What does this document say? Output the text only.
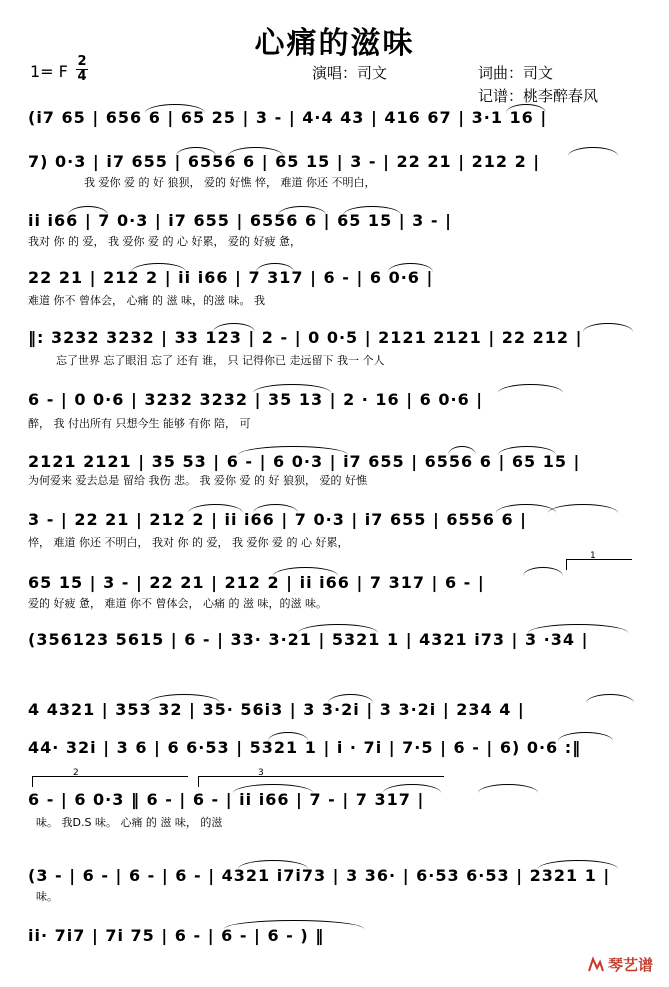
心痛的滋味
1= F
2
4	演唱：司文	词曲：司文
记谱：桃李醉春风
(i7 65 | 656 6 | 65 25 | 3 - | 4·4 43 | 416 67 | 3·1 16 |
7) 0·3 | i7 655 | 6556 6 | 65 15 | 3 - | 22 21 | 212 2 |
我 爱你 爱 的 好 狼狈， 爱的 好憔 悴， 难道 你还 不明白，
ii i66 | 7 0·3 | i7 655 | 6556 6 | 65 15 | 3 - |
我对 你 的 爱， 我 爱你 爱 的 心 好累， 爱的 好疲 惫，
22 21 | 212 2 | ii i66 | 7 317 | 6 - | 6 0·6 |
难道 你不 曾体会， 心痛 的 滋 味，的滋 味。 我
‖: 3232 3232 | 33 123 | 2 - | 0 0·5 | 2121 2121 | 22 212 |
忘了世界 忘了眼泪 忘了 还有 谁， 只 记得你已 走远留下 我一 个人
6 - | 0 0·6 | 3232 3232 | 35 13 | 2 · 16 | 6 0·6 |
醉， 我 付出所有 只想今生 能够 有你 陪， 可
2121 2121 | 35 53 | 6 - | 6 0·3 | i7 655 | 6556 6 | 65 15 |
为何爱来 爱去总是 留给 我伤 悲。 我 爱你 爱 的 好 狼狈， 爱的 好憔
3 - | 22 21 | 212 2 | ii i66 | 7 0·3 | i7 655 | 6556 6 |
悴， 难道 你还 不明白， 我对 你 的 爱， 我 爱你 爱 的 心 好累，
65 15 | 3 - | 22 21 | 212 2 | ii i66 | 7 317 | 6 - |
爱的 好疲 惫， 难道 你不 曾体会， 心痛 的 滋 味，的滋 味。
1
(356123 5615 | 6 - | 33· 3·21 | 5321 1 | 4321 i73 | 3 ·34 |
4 4321 | 353 32 | 35· 56i3 | 3 3·2i | 3 3·2i | 234 4 |
44· 32i | 3 6 | 6 6·53 | 5321 1 | i · 7i | 7·5 | 6 - | 6) 0·6 :‖
6 - | 6 0·3 ‖ 6 - | 6 - | ii i66 | 7 - | 7 317 |
味。 我D.S 味。 心痛 的 滋 味， 的滋
2	3
(3 - | 6 - | 6 - | 6 - | 4321 i7i73 | 3 36· | 6·53 6·53 | 2321 1 |
味。
ii· 7i7 | 7i 75 | 6 - | 6 - | 6 - ) ‖
琴艺谱
